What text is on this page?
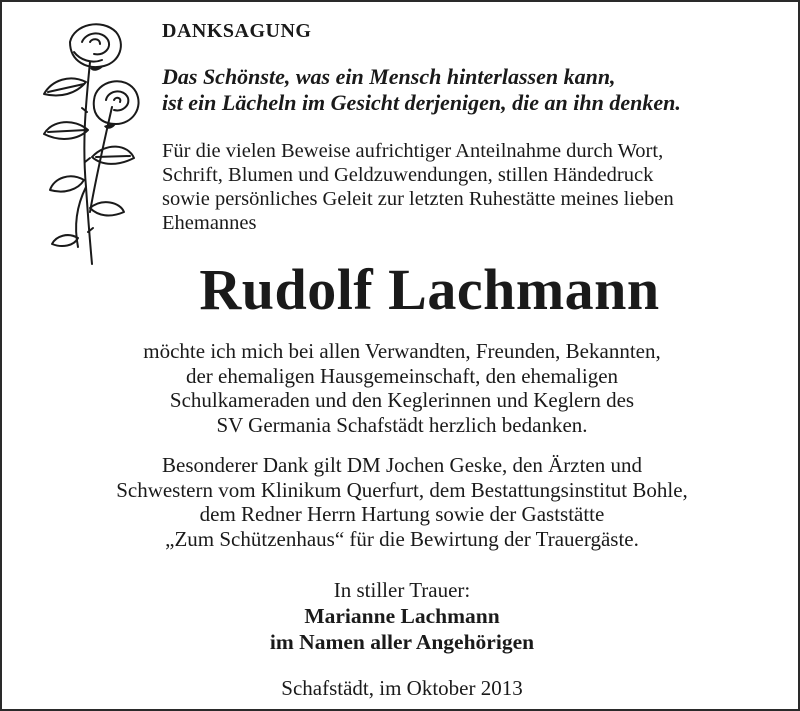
DANKSAGUNG
Das Schönste, was ein Mensch hinterlassen kann,
ist ein Lächeln im Gesicht derjenigen, die an ihn denken.
Für die vielen Beweise aufrichtiger Anteilnahme durch Wort,
Schrift, Blumen und Geldzuwendungen, stillen Händedruck
sowie persönliches Geleit zur letzten Ruhestätte meines lieben
Ehemannes
Rudolf Lachmann
möchte ich mich bei allen Verwandten, Freunden, Bekannten,
der ehemaligen Hausgemeinschaft, den ehemaligen
Schulkameraden und den Keglerinnen und Keglern des
SV Germania Schafstädt herzlich bedanken.
Besonderer Dank gilt DM Jochen Geske, den Ärzten und
Schwestern vom Klinikum Querfurt, dem Bestattungsinstitut Bohle,
dem Redner Herrn Hartung sowie der Gaststätte
„Zum Schützenhaus“ für die Bewirtung der Trauergäste.
In stiller Trauer:
Marianne Lachmann
im Namen aller Angehörigen
Schafstädt, im Oktober 2013
